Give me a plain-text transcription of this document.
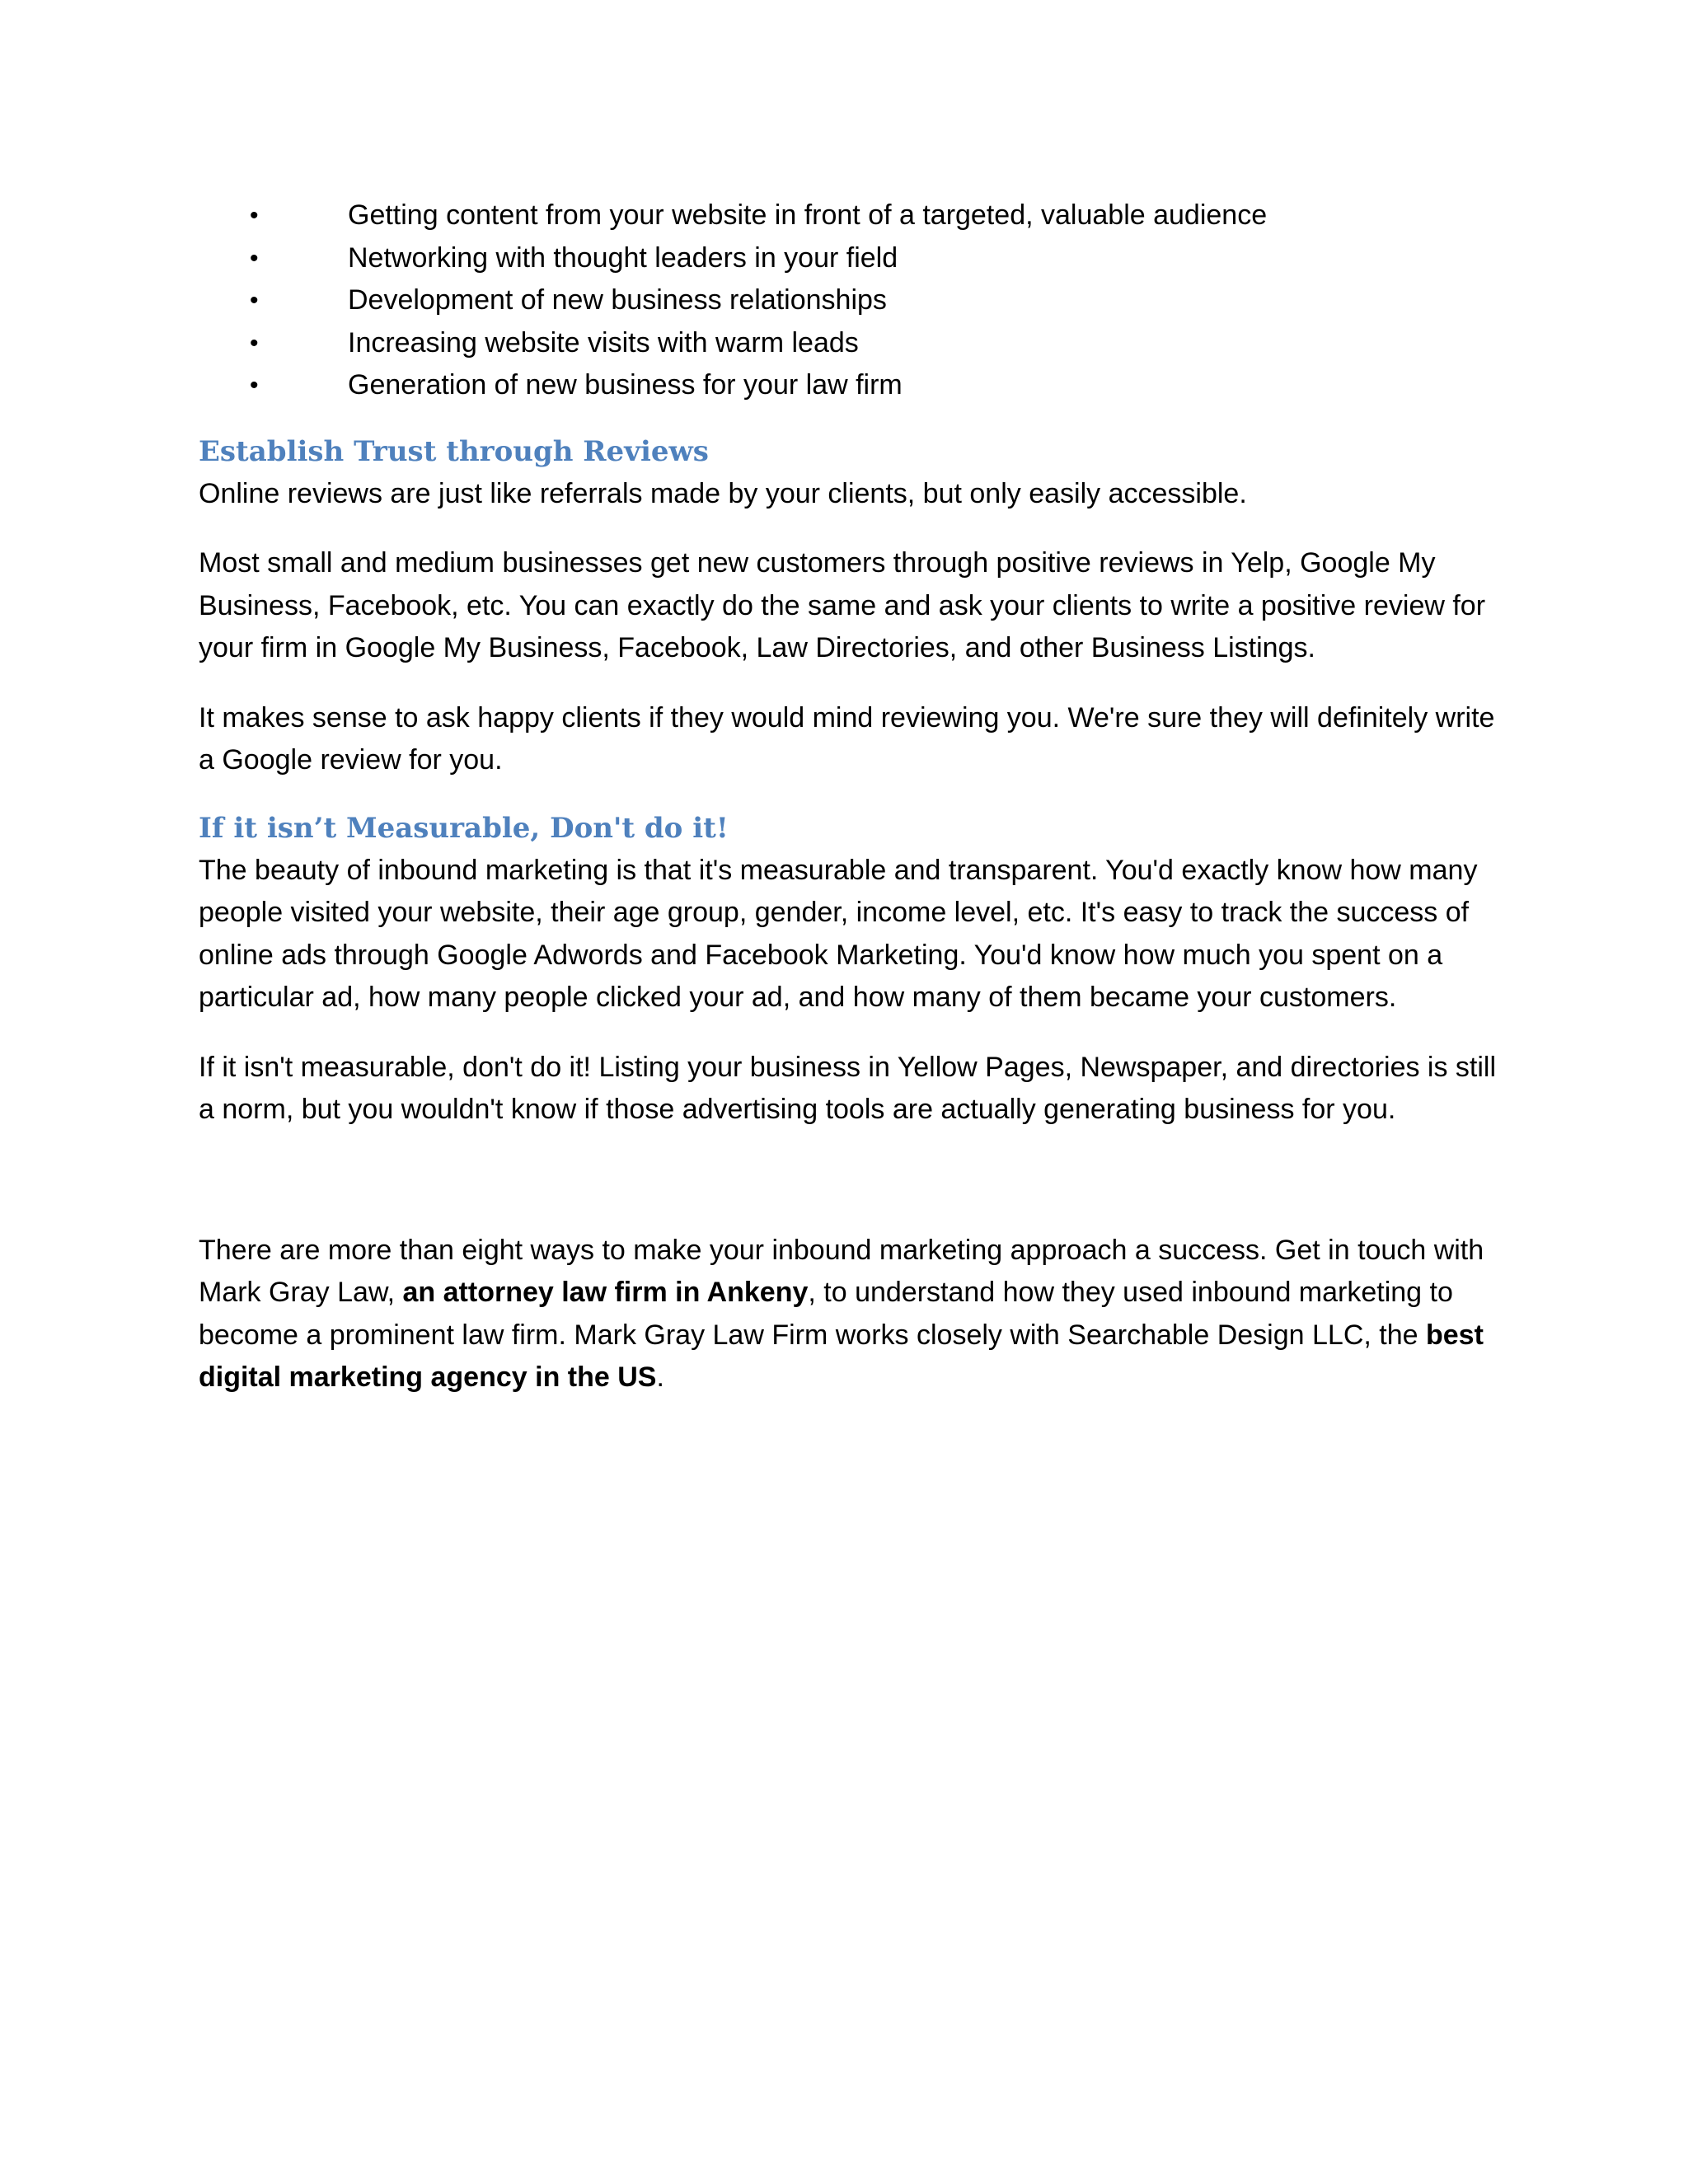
•	Getting content from your website in front of a targeted, valuable audience
•	Networking with thought leaders in your field
•	Development of new business relationships
•	Increasing website visits with warm leads
•	Generation of new business for your law firm
Establish Trust through Reviews

Online reviews are just like referrals made by your clients, but only easily accessible.

Most small and medium businesses get new customers through positive reviews in Yelp, Google My Business, Facebook, etc. You can exactly do the same and ask your clients to write a positive review for your firm in Google My Business, Facebook, Law Directories, and other Business Listings.

It makes sense to ask happy clients if they would mind reviewing you. We're sure they will definitely write a Google review for you.

If it isn’t Measurable, Don't do it!

The beauty of inbound marketing is that it's measurable and transparent. You'd exactly know how many people visited your website, their age group, gender, income level, etc. It's easy to track the success of online ads through Google Adwords and Facebook Marketing. You'd know how much you spent on a particular ad, how many people clicked your ad, and how many of them became your customers.

If it isn't measurable, don't do it! Listing your business in Yellow Pages, Newspaper, and directories is still a norm, but you wouldn't know if those advertising tools are actually generating business for you.

There are more than eight ways to make your inbound marketing approach a success. Get in touch with Mark Gray Law, an attorney law firm in Ankeny, to understand how they used inbound marketing to become a prominent law firm. Mark Gray Law Firm works closely with Searchable Design LLC, the best digital marketing agency in the US.
